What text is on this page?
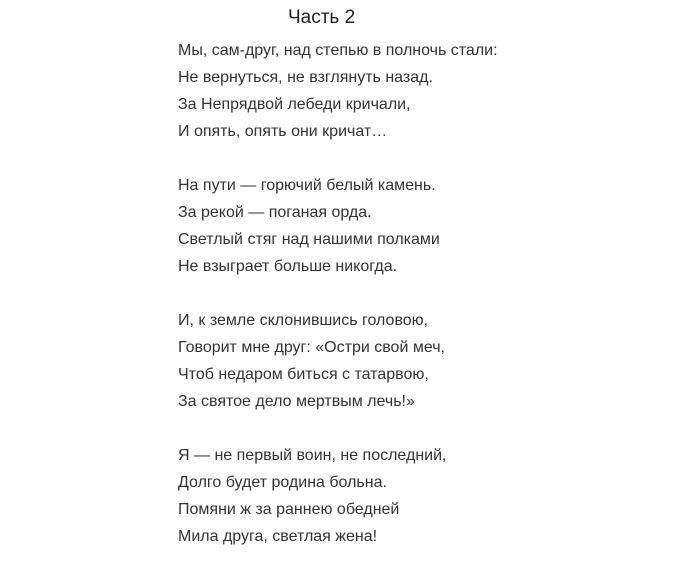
Часть 2
Мы, сам-друг, над степью в полночь стали:
Не вернуться, не взглянуть назад.
За Непрядвой лебеди кричали,
И опять, опять они кричат…
На пути — горючий белый камень.
За рекой — поганая орда.
Светлый стяг над нашими полками
Не взыграет больше никогда.
И, к земле склонившись головою,
Говорит мне друг: «Остри свой меч,
Чтоб недаром биться с татарвою,
За святое дело мертвым лечь!»
Я — не первый воин, не последний,
Долго будет родина больна.
Помяни ж за раннею обедней
Мила друга, светлая жена!
